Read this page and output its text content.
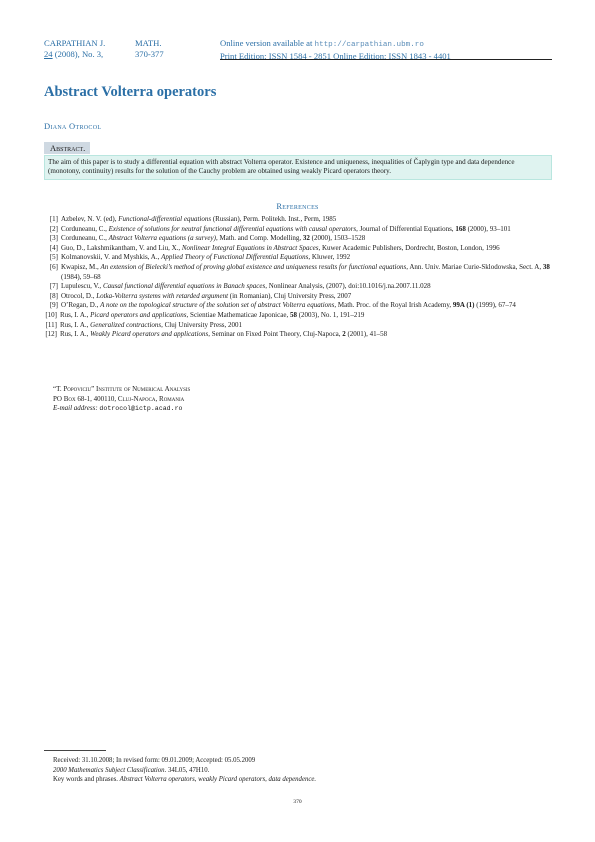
CARPATHIAN J.
24 (2008), No. 3,
MATH.
370-377
Online version available at http://carpathian.ubm.ro
Print Edition: ISSN 1584 - 2851 Online Edition: ISSN 1843 - 4401
Abstract Volterra operators
Diana Otrocol
Abstract.
The aim of this paper is to study a differential equation with abstract Volterra operator. Existence and uniqueness, inequalities of Čaplygin type and data dependence (monotony, continuity) results for the solution of the Cauchy problem are obtained using weakly Picard operators theory.
References
[1] Azbelev, N. V. (ed), Functional-differential equations (Russian), Perm. Politekh. Inst., Perm, 1985
[2] Corduneanu, C., Existence of solutions for neutral functional differential equations with causal operators, Journal of Differential Equations, 168 (2000), 93–101
[3] Corduneanu, C., Abstract Volterra equations (a survey), Math. and Comp. Modelling, 32 (2000), 1503–1528
[4] Guo, D., Lakshmikantham, V. and Liu, X., Nonlinear Integral Equations in Abstract Spaces, Kuwer Academic Publishers, Dordrecht, Boston, London, 1996
[5] Kolmanovskii, V. and Myshkis, A., Applied Theory of Functional Differential Equations, Kluwer, 1992
[6] Kwapisz, M., An extension of Bielecki’s method of proving global existence and uniqueness results for functional equations, Ann. Univ. Mariae Curie-Sklodowska, Sect. A, 38 (1984), 59–68
[7] Lupulescu, V., Causal functional differential equations in Banach spaces, Nonlinear Analysis, (2007), doi:10.1016/j.na.2007.11.028
[8] Otrocol, D., Lotka-Volterra systems with retarded argument (in Romanian), Cluj University Press, 2007
[9] O’Regan, D., A note on the topological structure of the solution set of abstract Volterra equations, Math. Proc. of the Royal Irish Academy, 99A (1) (1999), 67–74
[10] Rus, I. A., Picard operators and applications, Scientiae Mathematicae Japonicae, 58 (2003), No. 1, 191–219
[11] Rus, I. A., Generalized contractions, Cluj University Press, 2001
[12] Rus, I. A., Weakly Picard operators and applications, Seminar on Fixed Point Theory, Cluj-Napoca, 2 (2001), 41–58
“T. Popoviciu” Institute of Numerical Analysis
PO Box 68-1, 400110, Cluj-Napoca, Romania
E-mail address: dotrocol@ictp.acad.ro
Received: 31.10.2008; In revised form: 09.01.2009; Accepted: 05.05.2009
2000 Mathematics Subject Classification. 34L05, 47H10.
Key words and phrases. Abstract Volterra operators, weakly Picard operators, data dependence.
370
